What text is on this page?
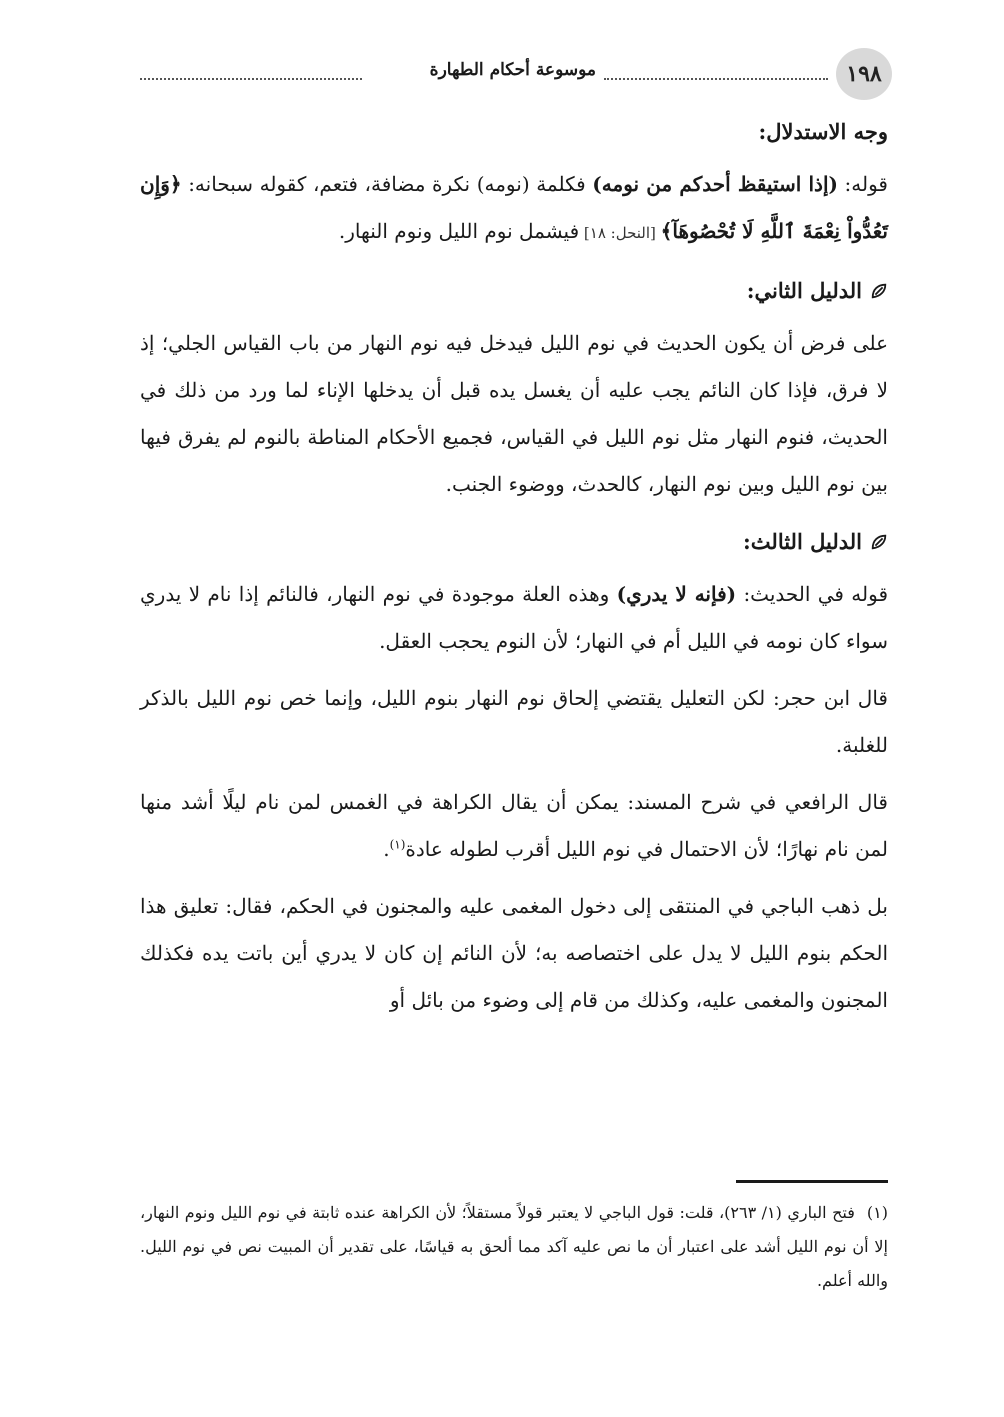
١٩٨
موسوعة أحكام الطهارة
وجه الاستدلال:

قوله: (إذا استيقظ أحدكم من نومه) فكلمة (نومه) نكرة مضافة، فتعم، كقوله سبحانه: ﴿وَإِن تَعُدُّواْ نِعْمَةَ ٱللَّهِ لَا تُحْصُوهَآ﴾ [النحل: ١٨] فيشمل نوم الليل ونوم النهار.

الدليل الثاني:

على فرض أن يكون الحديث في نوم الليل فيدخل فيه نوم النهار من باب القياس الجلي؛ إذ لا فرق، فإذا كان النائم يجب عليه أن يغسل يده قبل أن يدخلها الإناء لما ورد من ذلك في الحديث، فنوم النهار مثل نوم الليل في القياس، فجميع الأحكام المناطة بالنوم لم يفرق فيها بين نوم الليل وبين نوم النهار، كالحدث، ووضوء الجنب.

الدليل الثالث:

قوله في الحديث: (فإنه لا يدري) وهذه العلة موجودة في نوم النهار، فالنائم إذا نام لا يدري سواء كان نومه في الليل أم في النهار؛ لأن النوم يحجب العقل.

قال ابن حجر: لكن التعليل يقتضي إلحاق نوم النهار بنوم الليل، وإنما خص نوم الليل بالذكر للغلبة.

قال الرافعي في شرح المسند: يمكن أن يقال الكراهة في الغمس لمن نام ليلًا أشد منها لمن نام نهارًا؛ لأن الاحتمال في نوم الليل أقرب لطوله عادة$^{(١)}$.

بل ذهب الباجي في المنتقى إلى دخول المغمى عليه والمجنون في الحكم، فقال: تعليق هذا الحكم بنوم الليل لا يدل على اختصاصه به؛ لأن النائم إن كان لا يدري أين باتت يده فكذلك المجنون والمغمى عليه، وكذلك من قام إلى وضوء من بائل أو

(١)فتح الباري (١/ ٢٦٣)، قلت: قول الباجي لا يعتبر قولاً مستقلاً؛ لأن الكراهة عنده ثابتة في نوم الليل ونوم النهار، إلا أن نوم الليل أشد على اعتبار أن ما نص عليه آكد مما ألحق به قياسًا، على تقدير أن المبيت نص في نوم الليل. والله أعلم.
